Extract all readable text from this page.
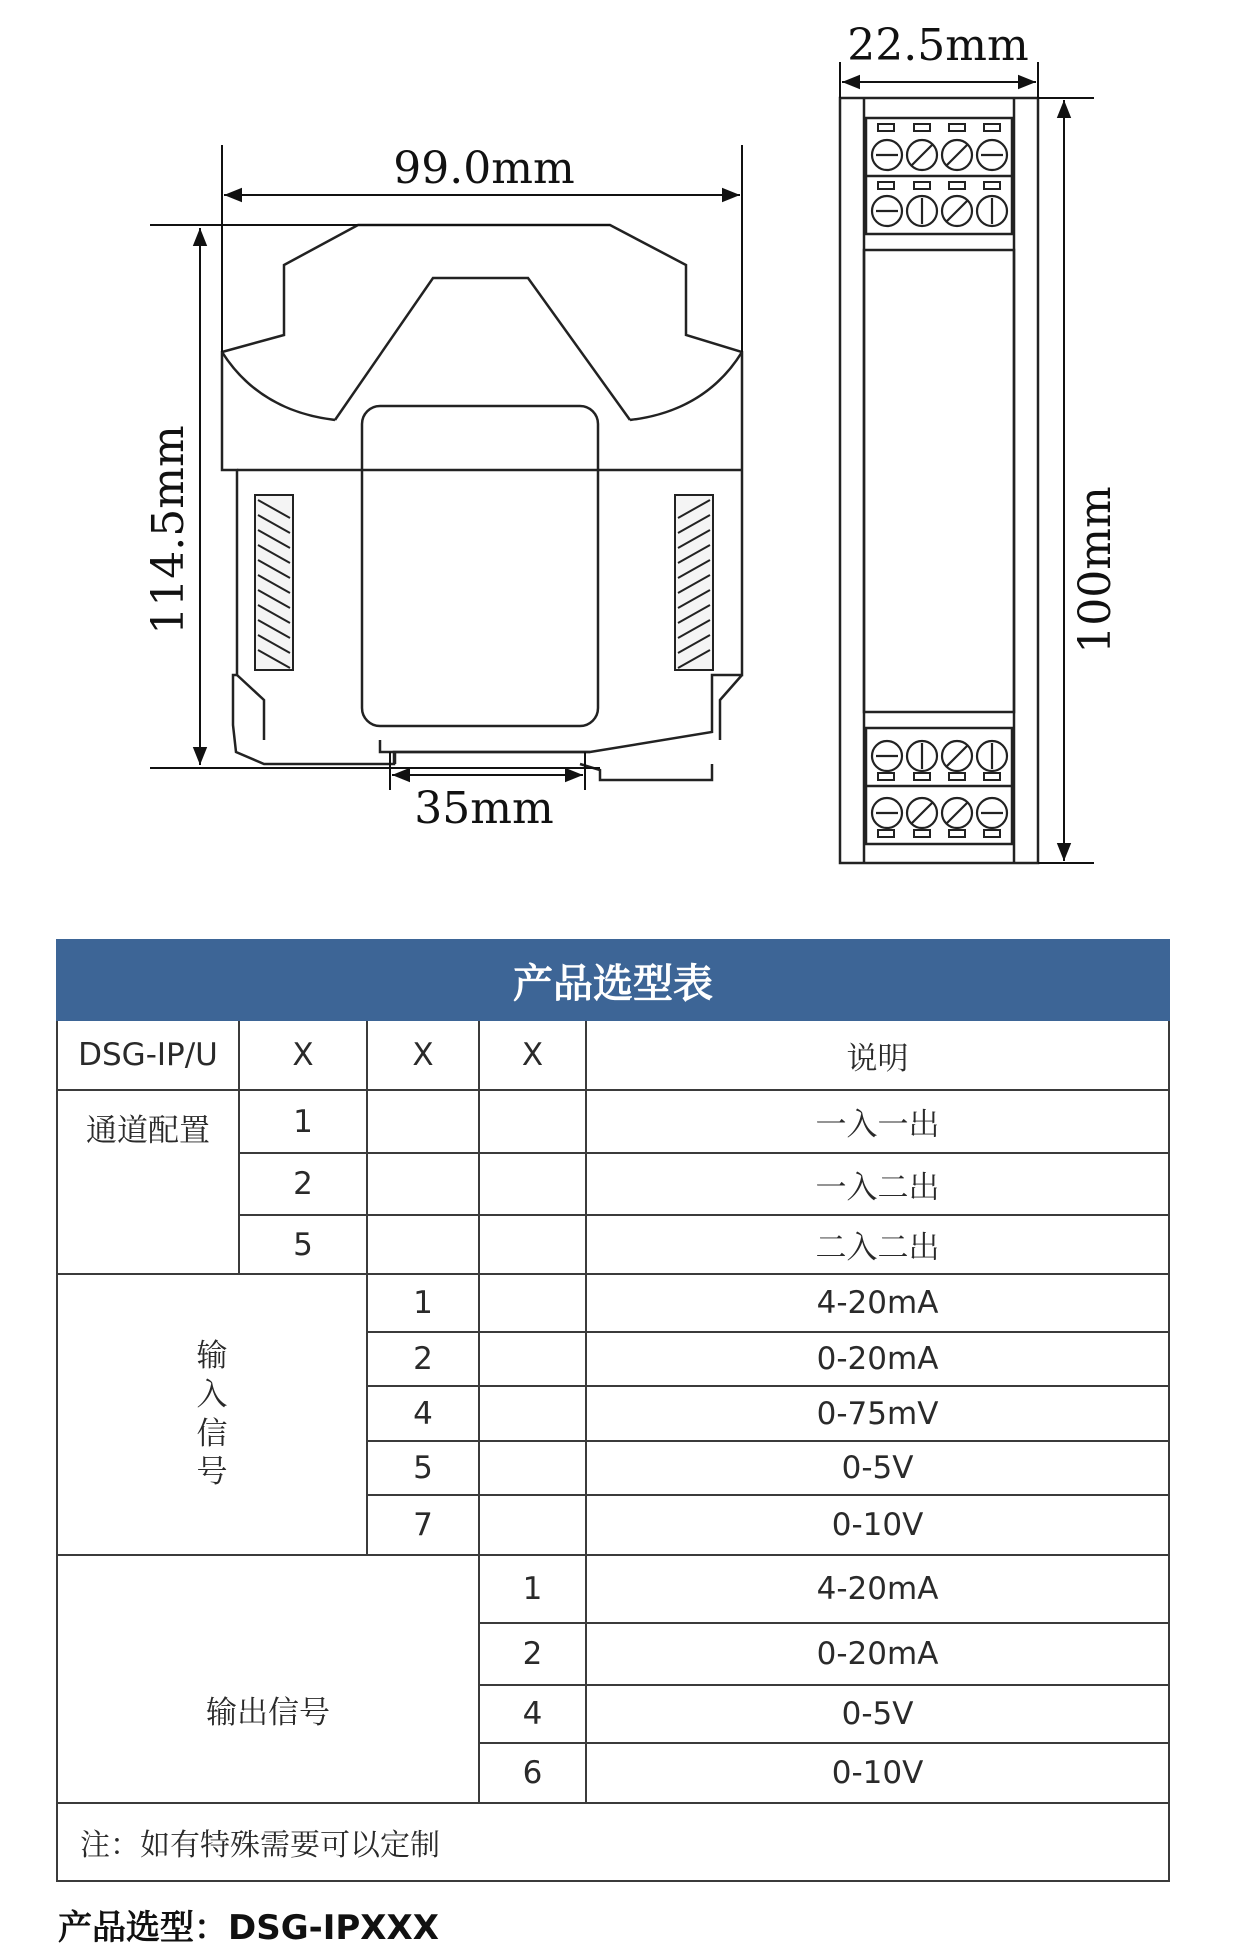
99.0mm
114.5mm
35mm
22.5mm
100mm
产品选型表				
DSG-IP/U	X	X	X	说明
通道配置	1			一入一出
	2			一入二出
	5			二入二出
输
入
信
号		1		4-20mA
		2		0-20mA
		4		0-75mV
		5		0-5V
		7		0-10V
输出信号			1	4-20mA
			2	0-20mA
			4	0-5V
			6	0-10V
注：如有特殊需要可以定制				
产品选型：DSG-IPXXX
